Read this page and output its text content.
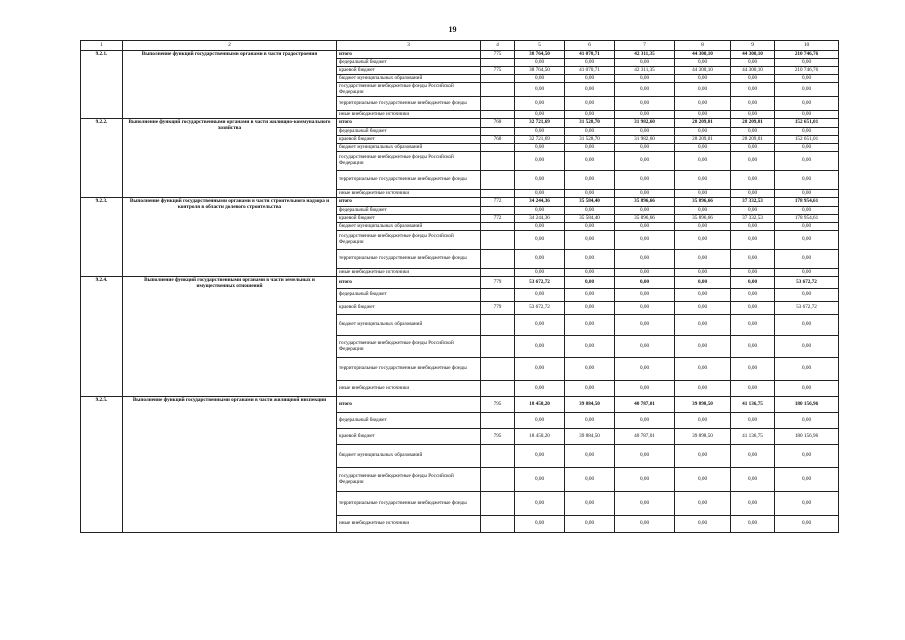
19
1	2	3	4	5	6	7	8	9	10
9.2.1.	Выполнение функций государственными органами в части градостроения	итого	775	38 764,50	41 070,71	42 311,35	44 300,10	44 300,10	210 746,76
		федеральный бюджет		0,00	0,00	0,00	0,00	0,00	0,00
		краевой бюджет	775	38 764,50	41 070,71	42 311,35	44 300,10	44 300,10	210 746,76
		бюджет муниципальных образований		0,00	0,00	0,00	0,00	0,00	0,00
		государственные внебюджетные фонды Российской Федерации		0,00	0,00	0,00	0,00	0,00	0,00
		территориальные государственные внебюджетные фонды		0,00	0,00	0,00	0,00	0,00	0,00
		иные внебюджетные источники		0,00	0,00	0,00	0,00	0,00	0,00
9.2.2.	Выполнение функций государственными органами в части жилищно-коммунального хозяйства	итого	768	32 721,69	31 528,70	31 982,60	28 209,01	28 209,01	152 651,01
		федеральный бюджет		0,00	0,00	0,00	0,00	0,00	0,00
		краевой бюджет	768	32 721,69	31 528,70	31 982,60	28 209,01	28 209,01	152 651,01
		бюджет муниципальных образований		0,00	0,00	0,00	0,00	0,00	0,00
		государственные внебюджетные фонды Российской Федерации		0,00	0,00	0,00	0,00	0,00	0,00
		территориальные государственные внебюджетные фонды		0,00	0,00	0,00	0,00	0,00	0,00
		иные внебюджетные источники		0,00	0,00	0,00	0,00	0,00	0,00
9.2.3.	Выполнение функций государственными органами в части строительного надзора и контроля в области долевого строительства	итого	772	34 244,36	35 584,40	35 896,66	35 896,66	37 332,53	178 954,61
		федеральный бюджет		0,00	0,00	0,00	0,00	0,00	0,00
		краевой бюджет	772	34 244,36	35 584,40	35 896,66	35 896,66	37 332,53	178 954,61
		бюджет муниципальных образований		0,00	0,00	0,00	0,00	0,00	0,00
		государственные внебюджетные фонды Российской Федерации		0,00	0,00	0,00	0,00	0,00	0,00
		территориальные государственные внебюджетные фонды		0,00	0,00	0,00	0,00	0,00	0,00
		иные внебюджетные источники		0,00	0,00	0,00	0,00	0,00	0,00
9.2.4.	Выполнение функций государственными органами в части земельных и имущественных отношений	итого	779	53 672,72	0,00	0,00	0,00	0,00	53 672,72
		федеральный бюджет		0,00	0,00	0,00	0,00	0,00	0,00
		краевой бюджет	779	53 672,72	0,00	0,00	0,00	0,00	53 672,72
		бюджет муниципальных образований		0,00	0,00	0,00	0,00	0,00	0,00
		государственные внебюджетные фонды Российской Федерации		0,00	0,00	0,00	0,00	0,00	0,00
		территориальные государственные внебюджетные фонды		0,00	0,00	0,00	0,00	0,00	0,00
		иные внебюджетные источники		0,00	0,00	0,00	0,00	0,00	0,00
9.2.5.	Выполнение функций государственными органами в части жилищной инспекции	итого	795	18 450,20	39 884,50	40 787,01	39 898,50	41 136,75	180 156,96
		федеральный бюджет		0,00	0,00	0,00	0,00	0,00	0,00
		краевой бюджет	795	18 450,20	39 884,50	40 787,01	39 898,50	41 136,75	180 156,96
		бюджет муниципальных образований		0,00	0,00	0,00	0,00	0,00	0,00
		государственные внебюджетные фонды Российской Федерации		0,00	0,00	0,00	0,00	0,00	0,00
		территориальные государственные внебюджетные фонды		0,00	0,00	0,00	0,00	0,00	0,00
		иные внебюджетные источники		0,00	0,00	0,00	0,00	0,00	0,00
